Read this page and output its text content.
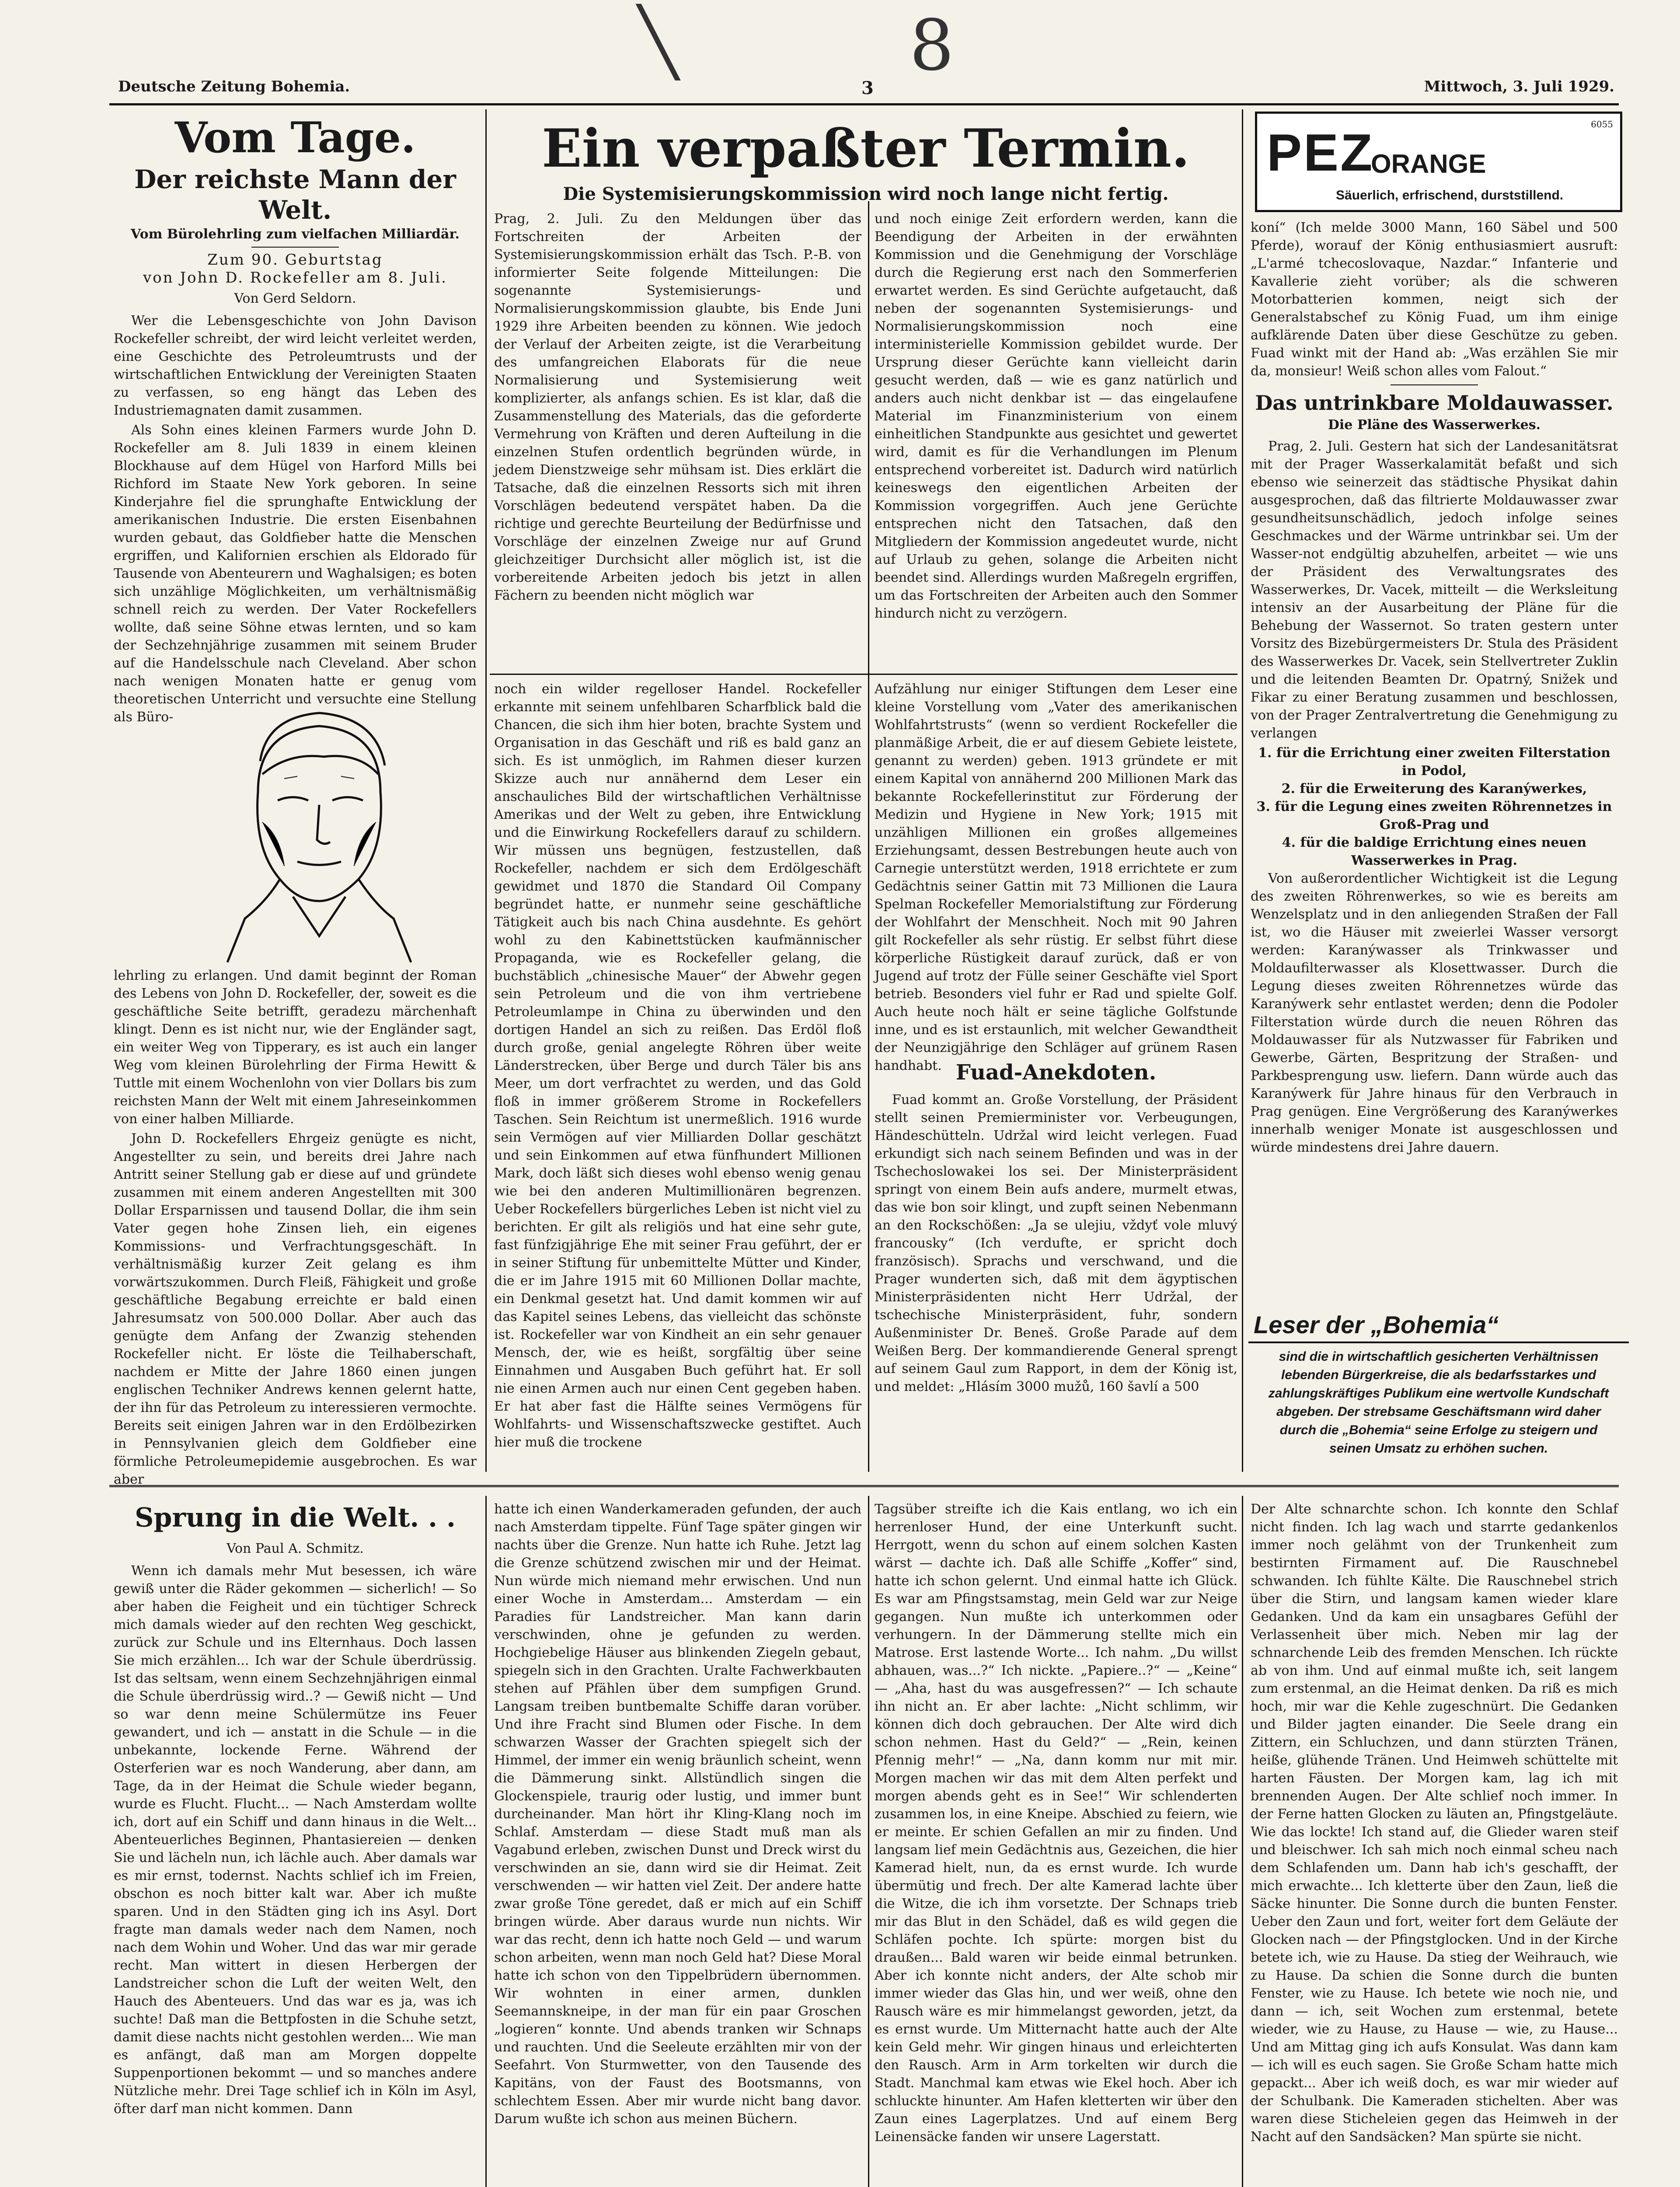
╲	8
Deutsche Zeitung Bohemia.	3	Mittwoch, 3. Juli 1929.
Vom Tage.
Der reichste Mann der Welt.
Vom Bürolehrling zum vielfachen Milliardär.
Zum 90. Geburtstag
von John D. Rockefeller am 8. Juli.
Von Gerd Seldorn.

Wer die Lebensgeschichte von John Davison Rockefeller schreibt, der wird leicht verleitet werden, eine Geschichte des Petroleumtrusts und der wirtschaftlichen Entwicklung der Vereinigten Staaten zu verfassen, so eng hängt das Leben des Industriemagnaten damit zusammen.

Als Sohn eines kleinen Farmers wurde John D. Rockefeller am 8. Juli 1839 in einem kleinen Blockhause auf dem Hügel von Harford Mills bei Richford im Staate New York geboren. In seine Kinderjahre fiel die sprunghafte Entwicklung der amerikanischen Industrie. Die ersten Eisenbahnen wurden gebaut, das Goldfieber hatte die Menschen ergriffen, und Kalifornien erschien als Eldorado für Tausende von Abenteurern und Waghalsigen; es boten sich unzählige Möglichkeiten, um verhältnismäßig schnell reich zu werden. Der Vater Rockefellers wollte, daß seine Söhne etwas lernten, und so kam der Sechzehnjährige zusammen mit seinem Bruder auf die Handelsschule nach Cleveland. Aber schon nach wenigen Monaten hatte er genug vom theoretischen Unterricht und versuchte eine Stellung als Büro-

lehrling zu erlangen. Und damit beginnt der Roman des Lebens von John D. Rockefeller, der, soweit es die geschäftliche Seite betrifft, geradezu märchenhaft klingt. Denn es ist nicht nur, wie der Engländer sagt, ein weiter Weg von Tipperary, es ist auch ein langer Weg vom kleinen Bürolehrling der Firma Hewitt & Tuttle mit einem Wochenlohn von vier Dollars bis zum reichsten Mann der Welt mit einem Jahreseinkommen von einer halben Milliarde.

John D. Rockefellers Ehrgeiz genügte es nicht, Angestellter zu sein, und bereits drei Jahre nach Antritt seiner Stellung gab er diese auf und gründete zusammen mit einem anderen Angestellten mit 300 Dollar Ersparnissen und tausend Dollar, die ihm sein Vater gegen hohe Zinsen lieh, ein eigenes Kommissions- und Verfrachtungsgeschäft. In verhältnismäßig kurzer Zeit gelang es ihm vorwärtszukommen. Durch Fleiß, Fähigkeit und große geschäftliche Begabung erreichte er bald einen Jahresumsatz von 500.000 Dollar. Aber auch das genügte dem Anfang der Zwanzig stehenden Rockefeller nicht. Er löste die Teilhaberschaft, nachdem er Mitte der Jahre 1860 einen jungen englischen Techniker Andrews kennen gelernt hatte, der ihn für das Petroleum zu interessieren vermochte. Bereits seit einigen Jahren war in den Erdölbezirken in Pennsylvanien gleich dem Goldfieber eine förmliche Petroleumepidemie ausgebrochen. Es war aber

Ein verpaßter Termin.
Die Systemisierungskommission wird noch lange nicht fertig.

Prag, 2. Juli. Zu den Meldungen über das Fortschreiten der Arbeiten der Systemisierungskommission erhält das Tsch. P.-B. von informierter Seite folgende Mitteilungen: Die sogenannte Systemisierungs- und Normalisierungskommission glaubte, bis Ende Juni 1929 ihre Arbeiten beenden zu können. Wie jedoch der Verlauf der Arbeiten zeigte, ist die Verarbeitung des umfangreichen Elaborats für die neue Normalisierung und Systemisierung weit komplizierter, als anfangs schien. Es ist klar, daß die Zusammenstellung des Materials, das die geforderte Vermehrung von Kräften und deren Aufteilung in die einzelnen Stufen ordentlich begründen würde, in jedem Dienstzweige sehr mühsam ist. Dies erklärt die Tatsache, daß die einzelnen Ressorts sich mit ihren Vorschlägen bedeutend verspätet haben. Da die richtige und gerechte Beurteilung der Bedürfnisse und Vorschläge der einzelnen Zweige nur auf Grund gleichzeitiger Durchsicht aller möglich ist, ist die vorbereitende Arbeiten jedoch bis jetzt in allen Fächern zu beenden nicht möglich war

und noch einige Zeit erfordern werden, kann die Beendigung der Arbeiten in der erwähnten Kommission und die Genehmigung der Vorschläge durch die Regierung erst nach den Sommerferien erwartet werden. Es sind Gerüchte aufgetaucht, daß neben der sogenannten Systemisierungs- und Normalisierungskommission noch eine interministerielle Kommission gebildet wurde. Der Ursprung dieser Gerüchte kann vielleicht darin gesucht werden, daß — wie es ganz natürlich und anders auch nicht denkbar ist — das eingelaufene Material im Finanzministerium von einem einheitlichen Standpunkte aus gesichtet und gewertet wird, damit es für die Verhandlungen im Plenum entsprechend vorbereitet ist. Dadurch wird natürlich keineswegs den eigentlichen Arbeiten der Kommission vorgegriffen. Auch jene Gerüchte entsprechen nicht den Tatsachen, daß den Mitgliedern der Kommission angedeutet wurde, nicht auf Urlaub zu gehen, solange die Arbeiten nicht beendet sind. Allerdings wurden Maßregeln ergriffen, um das Fortschreiten der Arbeiten auch den Sommer hindurch nicht zu verzögern.

noch ein wilder regelloser Handel. Rockefeller erkannte mit seinem unfehlbaren Scharfblick bald die Chancen, die sich ihm hier boten, brachte System und Organisation in das Geschäft und riß es bald ganz an sich. Es ist unmöglich, im Rahmen dieser kurzen Skizze auch nur annähernd dem Leser ein anschauliches Bild der wirtschaftlichen Verhältnisse Amerikas und der Welt zu geben, ihre Entwicklung und die Einwirkung Rockefellers darauf zu schildern. Wir müssen uns begnügen, festzustellen, daß Rockefeller, nachdem er sich dem Erdölgeschäft gewidmet und 1870 die Standard Oil Company begründet hatte, er nunmehr seine geschäftliche Tätigkeit auch bis nach China ausdehnte. Es gehört wohl zu den Kabinettstücken kaufmännischer Propaganda, wie es Rockefeller gelang, die buchstäblich „chinesische Mauer“ der Abwehr gegen sein Petroleum und die von ihm vertriebene Petroleumlampe in China zu überwinden und den dortigen Handel an sich zu reißen. Das Erdöl floß durch große, genial angelegte Röhren über weite Länderstrecken, über Berge und durch Täler bis ans Meer, um dort verfrachtet zu werden, und das Gold floß in immer größerem Strome in Rockefellers Taschen. Sein Reichtum ist unermeßlich. 1916 wurde sein Vermögen auf vier Milliarden Dollar geschätzt und sein Einkommen auf etwa fünfhundert Millionen Mark, doch läßt sich dieses wohl ebenso wenig genau wie bei den anderen Multimillionären begrenzen. Ueber Rockefellers bürgerliches Leben ist nicht viel zu berichten. Er gilt als religiös und hat eine sehr gute, fast fünfzigjährige Ehe mit seiner Frau geführt, der er in seiner Stiftung für unbemittelte Mütter und Kinder, die er im Jahre 1915 mit 60 Millionen Dollar machte, ein Denkmal gesetzt hat. Und damit kommen wir auf das Kapitel seines Lebens, das vielleicht das schönste ist. Rockefeller war von Kindheit an ein sehr genauer Mensch, der, wie es heißt, sorgfältig über seine Einnahmen und Ausgaben Buch geführt hat. Er soll nie einen Armen auch nur einen Cent gegeben haben. Er hat aber fast die Hälfte seines Vermögens für Wohlfahrts- und Wissenschaftszwecke gestiftet. Auch hier muß die trockene

Aufzählung nur einiger Stiftungen dem Leser eine kleine Vorstellung vom „Vater des amerikanischen Wohlfahrtstrusts“ (wenn so verdient Rockefeller die planmäßige Arbeit, die er auf diesem Gebiete leistete, genannt zu werden) geben. 1913 gründete er mit einem Kapital von annähernd 200 Millionen Mark das bekannte Rockefellerinstitut zur Förderung der Medizin und Hygiene in New York; 1915 mit unzähligen Millionen ein großes allgemeines Erziehungsamt, dessen Bestrebungen heute auch von Carnegie unterstützt werden, 1918 errichtete er zum Gedächtnis seiner Gattin mit 73 Millionen die Laura Spelman Rockefeller Memorialstiftung zur Förderung der Wohlfahrt der Menschheit. Noch mit 90 Jahren gilt Rockefeller als sehr rüstig. Er selbst führt diese körperliche Rüstigkeit darauf zurück, daß er von Jugend auf trotz der Fülle seiner Geschäfte viel Sport betrieb. Besonders viel fuhr er Rad und spielte Golf. Auch heute noch hält er seine tägliche Golfstunde inne, und es ist erstaunlich, mit welcher Gewandtheit der Neunzigjährige den Schläger auf grünem Rasen handhabt. Fuad-Anekdoten.

Fuad kommt an. Große Vorstellung, der Präsident stellt seinen Premierminister vor. Verbeugungen, Händeschütteln. Udržal wird leicht verlegen. Fuad erkundigt sich nach seinem Befinden und was in der Tschechoslowakei los sei. Der Ministerpräsident springt von einem Bein aufs andere, murmelt etwas, das wie bon soir klingt, und zupft seinen Nebenmann an den Rockschößen: „Ja se ulejiu, vždyť vole mluvý francousky“ (Ich verdufte, er spricht doch französisch). Sprachs und verschwand, und die Prager wunderten sich, daß mit dem ägyptischen Ministerpräsidenten nicht Herr Udržal, der tschechische Ministerpräsident, fuhr, sondern Außenminister Dr. Beneš. Große Parade auf dem Weißen Berg. Der kommandierende General sprengt auf seinem Gaul zum Rapport, in dem der König ist, und meldet: „Hlásím 3000 mužů, 160 šavlí a 500

PEZ
ORANGE
Säuerlich, erfrischend, durststillend.
6055

koní“ (Ich melde 3000 Mann, 160 Säbel und 500 Pferde), worauf der König enthusiasmiert ausruft: „L'armé tchecoslovaque, Nazdar.“ Infanterie und Kavallerie zieht vorüber; als die schweren Motorbatterien kommen, neigt sich der Generalstabschef zu König Fuad, um ihm einige aufklärende Daten über diese Geschütze zu geben. Fuad winkt mit der Hand ab: „Was erzählen Sie mir da, monsieur! Weiß schon alles vom Falout.“

Das untrinkbare Moldauwasser.
Die Pläne des Wasserwerkes.

Prag, 2. Juli. Gestern hat sich der Landesanitätsrat mit der Prager Wasserkalamität befaßt und sich ebenso wie seinerzeit das städtische Physikat dahin ausgesprochen, daß das filtrierte Moldauwasser zwar gesundheitsunschädlich, jedoch infolge seines Geschmackes und der Wärme untrinkbar sei. Um der Wasser-not endgültig abzuhelfen, arbeitet — wie uns der Präsident des Verwaltungsrates des Wasserwerkes, Dr. Vacek, mitteilt — die Werksleitung intensiv an der Ausarbeitung der Pläne für die Behebung der Wassernot. So traten gestern unter Vorsitz des Bizebürgermeisters Dr. Stula des Präsident des Wasserwerkes Dr. Vacek, sein Stellvertreter Zuklin und die leitenden Beamten Dr. Opatrný, Snižek und Fikar zu einer Beratung zusammen und beschlossen, von der Prager Zentralvertretung die Genehmigung zu verlangen

1. für die Errichtung einer zweiten Filterstation in Podol,
2. für die Erweiterung des Karanýwerkes,
3. für die Legung eines zweiten Röhrennetzes in Groß-Prag und
4. für die baldige Errichtung eines neuen Wasserwerkes in Prag.

Von außerordentlicher Wichtigkeit ist die Legung des zweiten Röhrenwerkes, so wie es bereits am Wenzelsplatz und in den anliegenden Straßen der Fall ist, wo die Häuser mit zweierlei Wasser versorgt werden: Karanýwasser als Trinkwasser und Moldaufilterwasser als Klosettwasser. Durch die Legung dieses zweiten Röhrennetzes würde das Karanýwerk sehr entlastet werden; denn die Podoler Filterstation würde durch die neuen Röhren das Moldauwasser für als Nutzwasser für Fabriken und Gewerbe, Gärten, Bespritzung der Straßen- und Parkbesprengung usw. liefern. Dann würde auch das Karanýwerk für Jahre hinaus für den Verbrauch in Prag genügen. Eine Vergrößerung des Karanýwerkes innerhalb weniger Monate ist ausgeschlossen und würde mindestens drei Jahre dauern.

Leser der „Bohemia“
sind die in wirtschaftlich gesicherten Verhältnissen lebenden Bürgerkreise, die als bedarfsstarkes und zahlungskräftiges Publikum eine wertvolle Kundschaft abgeben. Der strebsame Geschäftsmann wird daher durch die „Bohemia“ seine Erfolge zu steigern und seinen Umsatz zu erhöhen suchen.
Sprung in die Welt. . .
Von Paul A. Schmitz.

Wenn ich damals mehr Mut besessen, ich wäre gewiß unter die Räder gekommen — sicherlich! — So aber haben die Feigheit und ein tüchtiger Schreck mich damals wieder auf den rechten Weg geschickt, zurück zur Schule und ins Elternhaus. Doch lassen Sie mich erzählen... Ich war der Schule überdrüssig. Ist das seltsam, wenn einem Sechzehnjährigen einmal die Schule überdrüssig wird..? — Gewiß nicht — Und so war denn meine Schülermütze ins Feuer gewandert, und ich — anstatt in die Schule — in die unbekannte, lockende Ferne. Während der Osterferien war es noch Wanderung, aber dann, am Tage, da in der Heimat die Schule wieder begann, wurde es Flucht. Flucht... — Nach Amsterdam wollte ich, dort auf ein Schiff und dann hinaus in die Welt... Abenteuerliches Beginnen, Phantasiereien — denken Sie und lächeln nun, ich lächle auch. Aber damals war es mir ernst, todernst. Nachts schlief ich im Freien, obschon es noch bitter kalt war. Aber ich mußte sparen. Und in den Städten ging ich ins Asyl. Dort fragte man damals weder nach dem Namen, noch nach dem Wohin und Woher. Und das war mir gerade recht. Man wittert in diesen Herbergen der Landstreicher schon die Luft der weiten Welt, den Hauch des Abenteuers. Und das war es ja, was ich suchte! Daß man die Bettpfosten in die Schuhe setzt, damit diese nachts nicht gestohlen werden... Wie man es anfängt, daß man am Morgen doppelte Suppenportionen bekommt — und so manches andere Nützliche mehr. Drei Tage schlief ich in Köln im Asyl, öfter darf man nicht kommen. Dann

hatte ich einen Wanderkameraden gefunden, der auch nach Amsterdam tippelte. Fünf Tage später gingen wir nachts über die Grenze. Nun hatte ich Ruhe. Jetzt lag die Grenze schützend zwischen mir und der Heimat. Nun würde mich niemand mehr erwischen. Und nun einer Woche in Amsterdam... Amsterdam — ein Paradies für Landstreicher. Man kann darin verschwinden, ohne je gefunden zu werden. Hochgiebelige Häuser aus blinkenden Ziegeln gebaut, spiegeln sich in den Grachten. Uralte Fachwerkbauten stehen auf Pfählen über dem sumpfigen Grund. Langsam treiben buntbemalte Schiffe daran vorüber. Und ihre Fracht sind Blumen oder Fische. In dem schwarzen Wasser der Grachten spiegelt sich der Himmel, der immer ein wenig bräunlich scheint, wenn die Dämmerung sinkt. Allstündlich singen die Glockenspiele, traurig oder lustig, und immer bunt durcheinander. Man hört ihr Kling-Klang noch im Schlaf. Amsterdam — diese Stadt muß man als Vagabund erleben, zwischen Dunst und Dreck wirst du verschwinden an sie, dann wird sie dir Heimat. Zeit verschwenden — wir hatten viel Zeit. Der andere hatte zwar große Töne geredet, daß er mich auf ein Schiff bringen würde. Aber daraus wurde nun nichts. Wir war das recht, denn ich hatte noch Geld — und warum schon arbeiten, wenn man noch Geld hat? Diese Moral hatte ich schon von den Tippelbrüdern übernommen. Wir wohnten in einer armen, dunklen Seemannskneipe, in der man für ein paar Groschen „logieren“ konnte. Und abends tranken wir Schnaps und rauchten. Und die Seeleute erzählten mir von der Seefahrt. Von Sturmwetter, von den Tausende des Kapitäns, von der Faust des Bootsmanns, von schlechtem Essen. Aber mir wurde nicht bang davor. Darum wußte ich schon aus meinen Büchern.

Tagsüber streifte ich die Kais entlang, wo ich ein herrenloser Hund, der eine Unterkunft sucht. Herrgott, wenn du schon auf einem solchen Kasten wärst — dachte ich. Daß alle Schiffe „Koffer“ sind, hatte ich schon gelernt. Und einmal hatte ich Glück. Es war am Pfingstsamstag, mein Geld war zur Neige gegangen. Nun mußte ich unterkommen oder verhungern. In der Dämmerung stellte mich ein Matrose. Erst lastende Worte... Ich nahm. „Du willst abhauen, was...?“ Ich nickte. „Papiere..?“ — „Keine“ — „Aha, hast du was ausgefressen?“ — Ich schaute ihn nicht an. Er aber lachte: „Nicht schlimm, wir können dich doch gebrauchen. Der Alte wird dich schon nehmen. Hast du Geld?“ — „Rein, keinen Pfennig mehr!“ — „Na, dann komm nur mit mir. Morgen machen wir das mit dem Alten perfekt und morgen abends geht es in See!“ Wir schlenderten zusammen los, in eine Kneipe. Abschied zu feiern, wie er meinte. Er schien Gefallen an mir zu finden. Und langsam lief mein Gedächtnis aus, Gezeichen, die hier Kamerad hielt, nun, da es ernst wurde. Ich wurde übermütig und frech. Der alte Kamerad lachte über die Witze, die ich ihm vorsetzte. Der Schnaps trieb mir das Blut in den Schädel, daß es wild gegen die Schläfen pochte. Ich spürte: morgen bist du draußen... Bald waren wir beide einmal betrunken. Aber ich konnte nicht anders, der Alte schob mir immer wieder das Glas hin, und wer weiß, ohne den Rausch wäre es mir himmelangst geworden, jetzt, da es ernst wurde. Um Mitternacht hatte auch der Alte kein Geld mehr. Wir gingen hinaus und erleichterten den Rausch. Arm in Arm torkelten wir durch die Stadt. Manchmal kam etwas wie Ekel hoch. Aber ich schluckte hinunter. Am Hafen kletterten wir über den Zaun eines Lagerplatzes. Und auf einem Berg Leinensäcke fanden wir unsere Lagerstatt.

Der Alte schnarchte schon. Ich konnte den Schlaf nicht finden. Ich lag wach und starrte gedankenlos immer noch gelähmt von der Trunkenheit zum bestirnten Firmament auf. Die Rauschnebel schwanden. Ich fühlte Kälte. Die Rauschnebel strich über die Stirn, und langsam kamen wieder klare Gedanken. Und da kam ein unsagbares Gefühl der Verlassenheit über mich. Neben mir lag der schnarchende Leib des fremden Menschen. Ich rückte ab von ihm. Und auf einmal mußte ich, seit langem zum erstenmal, an die Heimat denken. Da riß es mich hoch, mir war die Kehle zugeschnürt. Die Gedanken und Bilder jagten einander. Die Seele drang ein Zittern, ein Schluchzen, und dann stürzten Tränen, heiße, glühende Tränen. Und Heimweh schüttelte mit harten Fäusten. Der Morgen kam, lag ich mit brennenden Augen. Der Alte schlief noch immer. In der Ferne hatten Glocken zu läuten an, Pfingstgeläute. Wie das lockte! Ich stand auf, die Glieder waren steif und bleischwer. Ich sah mich noch einmal scheu nach dem Schlafenden um. Dann hab ich's geschafft, der mich erwachte... Ich kletterte über den Zaun, ließ die Säcke hinunter. Die Sonne durch die bunten Fenster. Ueber den Zaun und fort, weiter fort dem Geläute der Glocken nach — der Pfingstglocken. Und in der Kirche betete ich, wie zu Hause. Da stieg der Weihrauch, wie zu Hause. Da schien die Sonne durch die bunten Fenster, wie zu Hause. Ich betete wie noch nie, und dann — ich, seit Wochen zum erstenmal, betete wieder, wie zu Hause, zu Hause — wie, zu Hause... Und am Mittag ging ich aufs Konsulat. Was dann kam — ich will es euch sagen. Sie Große Scham hatte mich gepackt... Aber ich weiß doch, es war mir wieder auf der Schulbank. Die Kameraden stichelten. Aber was waren diese Sticheleien gegen das Heimweh in der Nacht auf den Sandsäcken? Man spürte sie nicht.
